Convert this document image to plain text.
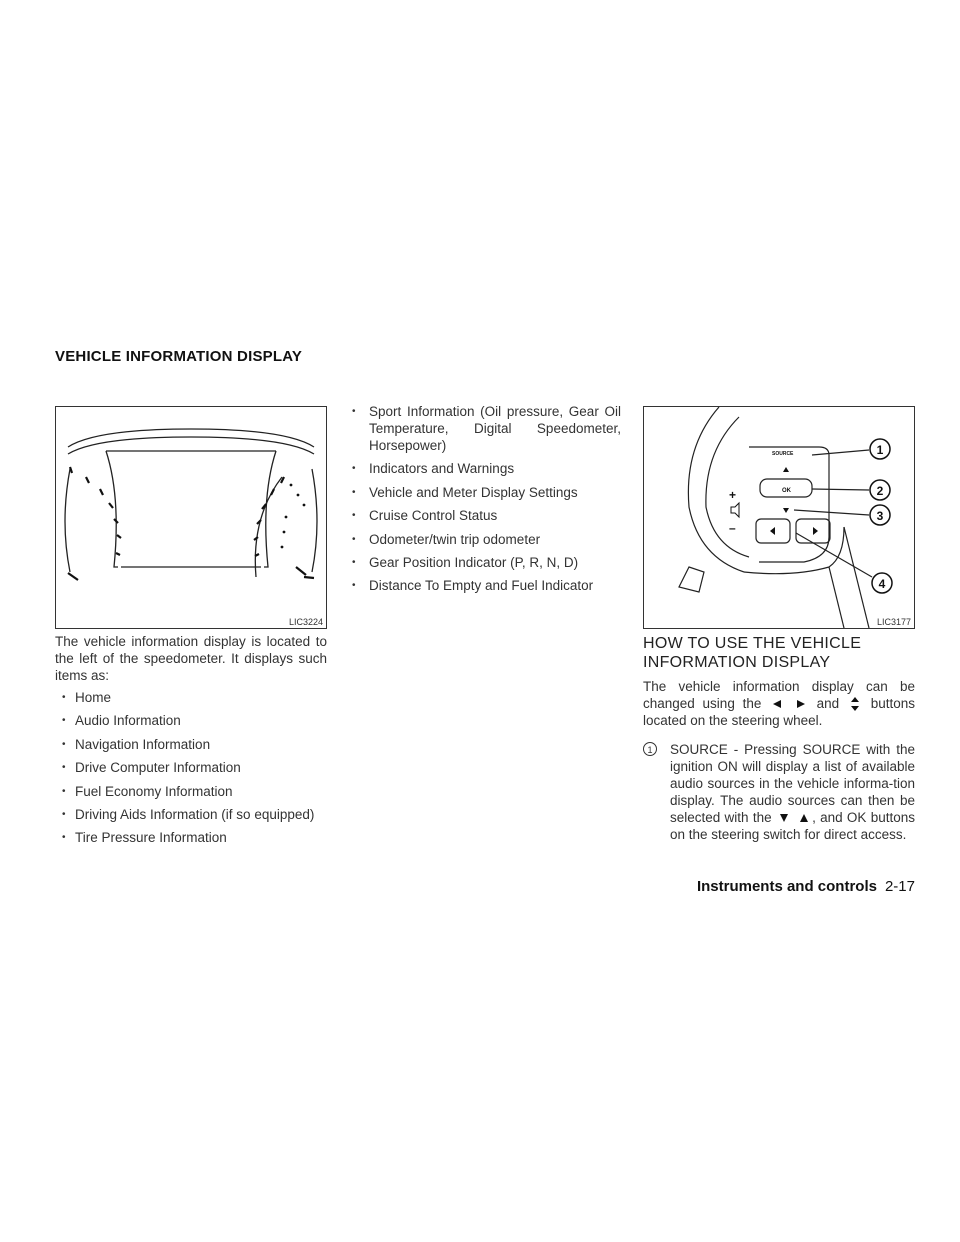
VEHICLE INFORMATION DISPLAY
LIC3224
SOURCE
OK
+
–
1
2
3
4
LIC3177
The vehicle information display is located to the left of the speedometer. It displays such items as:
• Home
• Audio Information
• Navigation Information
• Drive Computer Information
• Fuel Economy Information
• Driving Aids Information (if so equipped)
• Tire Pressure Information
• Sport Information (Oil pressure, Gear Oil Temperature, Digital Speedometer, Horsepower)
• Indicators and Warnings
• Vehicle and Meter Display Settings
• Cruise Control Status
• Odometer/twin trip odometer
• Gear Position Indicator (P, R, N, D)
• Distance To Empty and Fuel Indicator
HOW TO USE THE VEHICLE INFORMATION DISPLAY
The vehicle information display can be changed using the	and buttons located on the steering wheel.
1	SOURCE - Pressing SOURCE with the ignition ON will display a list of available audio sources in the vehicle informa-tion display. The audio sources can then be selected with the	, and OK buttons on the steering switch for direct access.
Instruments and controls 2-17
